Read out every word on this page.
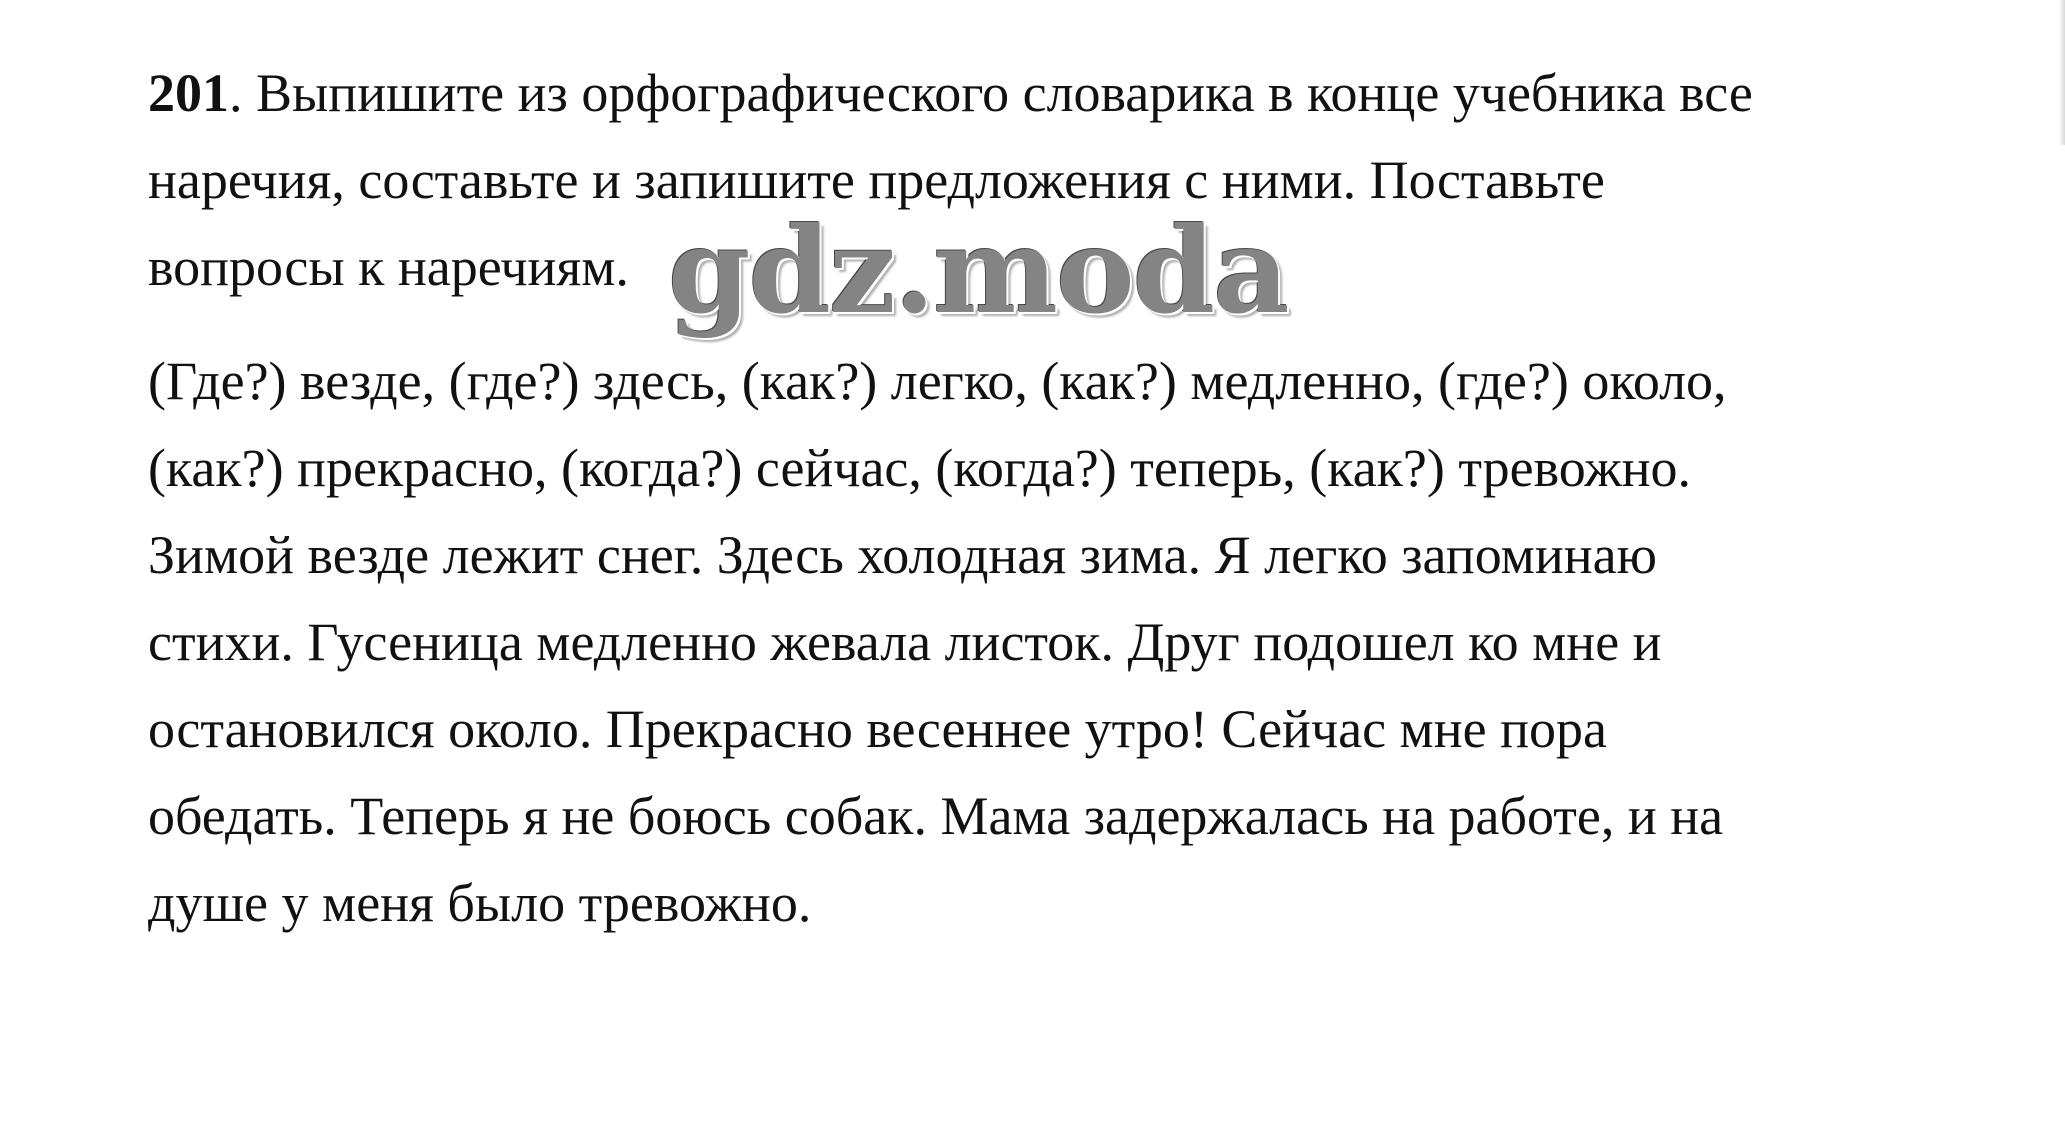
201. Выпишите из орфографического словарика в конце учебника все
наречия, составьте и запишите предложения с ними. Поставьте
вопросы к наречиям. gdz.moda
(Где?) везде, (где?) здесь, (как?) легко, (как?) медленно, (где?) около,
(как?) прекрасно, (когда?) сейчас, (когда?) теперь, (как?) тревожно.
Зимой везде лежит снег. Здесь холодная зима. Я легко запоминаю
стихи. Гусеница медленно жевала листок. Друг подошел ко мне и
остановился около. Прекрасно весеннее утро! Сейчас мне пора
обедать. Теперь я не боюсь собак. Мама задержалась на работе, и на
душе у меня было тревожно.
